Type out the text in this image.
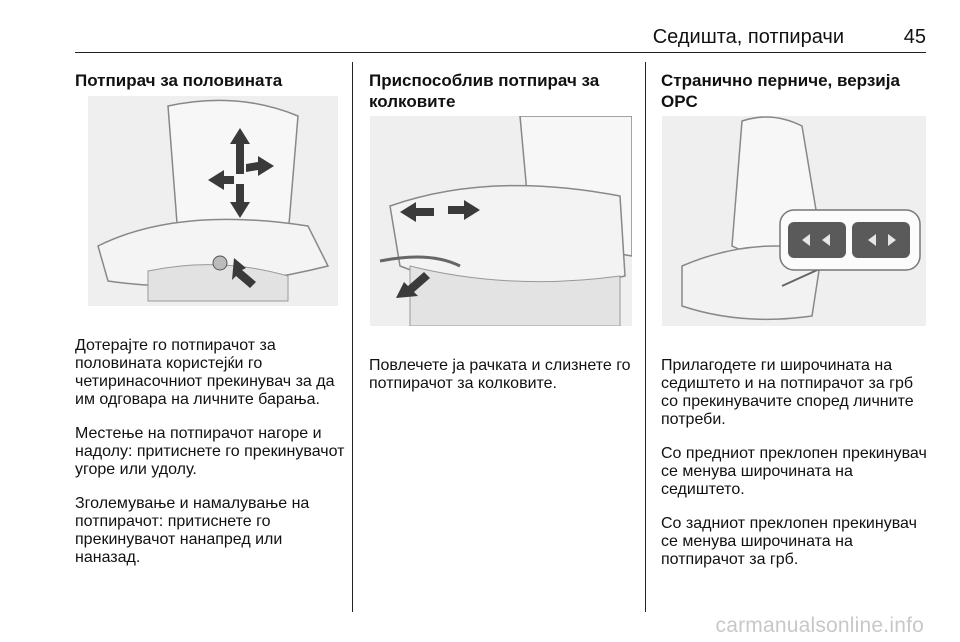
Седишта, потпирачи	45
Потпирач за половината

Дотерајте го потпирачот за половината користејќи го четиринасочниот прекинувач за да им одговара на личните барања.

Местење на потпирачот нагоре и надолу: притиснете го прекинувачот угоре или удолу.

Зголемување и намалување на потпирачот: притиснете го прекинувачот нанапред или наназад.

Приспособлив потпирач за колковите

Повлечете ја рачката и слизнете го потпирачот за колковите.

Странично перниче, верзија OPC

Прилагодете ги широчината на седиштето и на потпирачот за грб со прекинувачите според личните потреби.

Со предниот преклопен прекинувач се менува широчината на седиштето.

Со задниот преклопен прекинувач се менува широчината на потпирачот за грб.

carmanualsonline.info
